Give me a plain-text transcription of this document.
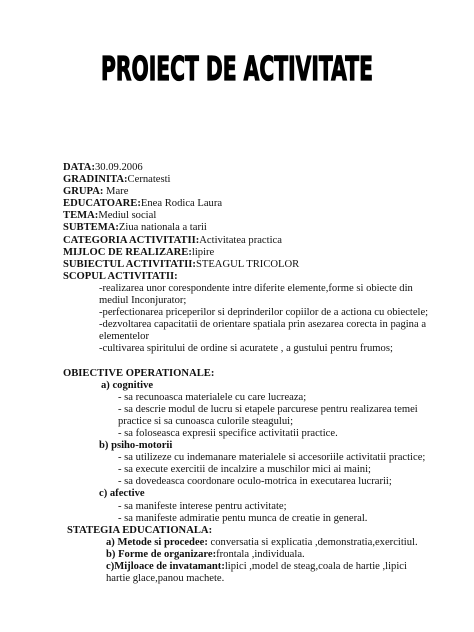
PROIECT DE ACTIVITATE
DATA:30.09.2006
GRADINITA:Cernatesti
GRUPA: Mare
EDUCATOARE:Enea Rodica Laura
TEMA:Mediul social
SUBTEMA:Ziua nationala a tarii
CATEGORIA ACTIVITATII:Activitatea practica
MIJLOC DE REALIZARE:lipire
SUBIECTUL ACTIVITATII:STEAGUL TRICOLOR
SCOPUL ACTIVITATII:
-realizarea unor corespondente intre diferite elemente,forme si obiecte din
mediul Inconjurator;
-perfectionarea priceperilor si deprinderilor copiilor de a actiona cu obiectele;
-dezvoltarea capacitatii de orientare spatiala prin asezarea corecta in pagina a
elementelor
-cultivarea spiritului de ordine si acuratete , a gustului pentru frumos;
OBIECTIVE OPERATIONALE:
a) cognitive
- sa recunoasca materialele cu care lucreaza;
- sa descrie modul de lucru si etapele parcurese pentru realizarea temei
practice si sa cunoasca culorile steagului;
- sa foloseasca expresii specifice activitatii practice.
b) psiho-motorii
- sa utilizeze cu indemanare materialele si accesoriile activitatii practice;
- sa execute exercitii de incalzire a muschilor mici ai maini;
- sa dovedeasca coordonare oculo-motrica in executarea lucrarii;
c) afective
- sa manifeste interese pentru activitate;
- sa manifeste admiratie pentu munca de creatie in general.
STATEGIA EDUCATIONALA:
a) Metode si procedee: conversatia si explicatia ,demonstratia,exercitiul.
b) Forme de organizare:frontala ,individuala.
c)Mijloace de invatamant:lipici ,model de steag,coala de hartie ,lipici
hartie glace,panou machete.
